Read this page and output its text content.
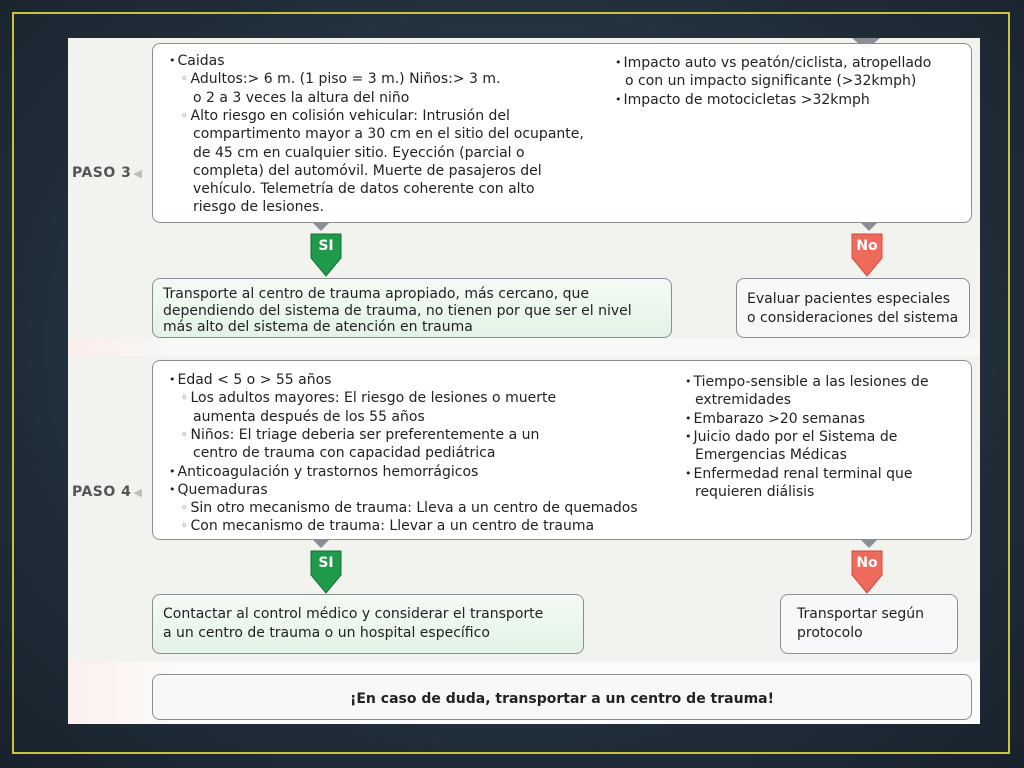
PASO 3 ◀
• Caidas
◦ Adultos:> 6 m. (1 piso = 3 m.) Niños:> 3 m.
o 2 a 3 veces la altura del niño
◦ Alto riesgo en colisión vehicular: Intrusión del
compartimento mayor a 30 cm en el sitio del ocupante,
de 45 cm en cualquier sitio. Eyección (parcial o
completa) del automóvil. Muerte de pasajeros del
vehículo. Telemetría de datos coherente con alto
riesgo de lesiones.
• Impacto auto vs peatón/ciclista, atropellado
o con un impacto significante (>32kmph)
• Impacto de motocicletas >32kmph
SI	No
Transporte al centro de trauma apropiado, más cercano, que
dependiendo del sistema de trauma, no tienen por que ser el nivel
más alto del sistema de atención en trauma
Evaluar pacientes especiales
o consideraciones del sistema
PASO 4 ◀
• Edad < 5 o > 55 años
◦ Los adultos mayores: El riesgo de lesiones o muerte
aumenta después de los 55 años
◦ Niños: El triage deberia ser preferentemente a un
centro de trauma con capacidad pediátrica
• Anticoagulación y trastornos hemorrágicos
• Quemaduras
◦ Sin otro mecanismo de trauma: Lleva a un centro de quemados
◦ Con mecanismo de trauma: Llevar a un centro de trauma
• Tiempo-sensible a las lesiones de
extremidades
• Embarazo >20 semanas
• Juicio dado por el Sistema de
Emergencias Médicas
• Enfermedad renal terminal que
requieren diálisis
SI	No
Contactar al control médico y considerar el transporte
a un centro de trauma o un hospital específico
Transportar según
protocolo
¡En caso de duda, transportar a un centro de trauma!
